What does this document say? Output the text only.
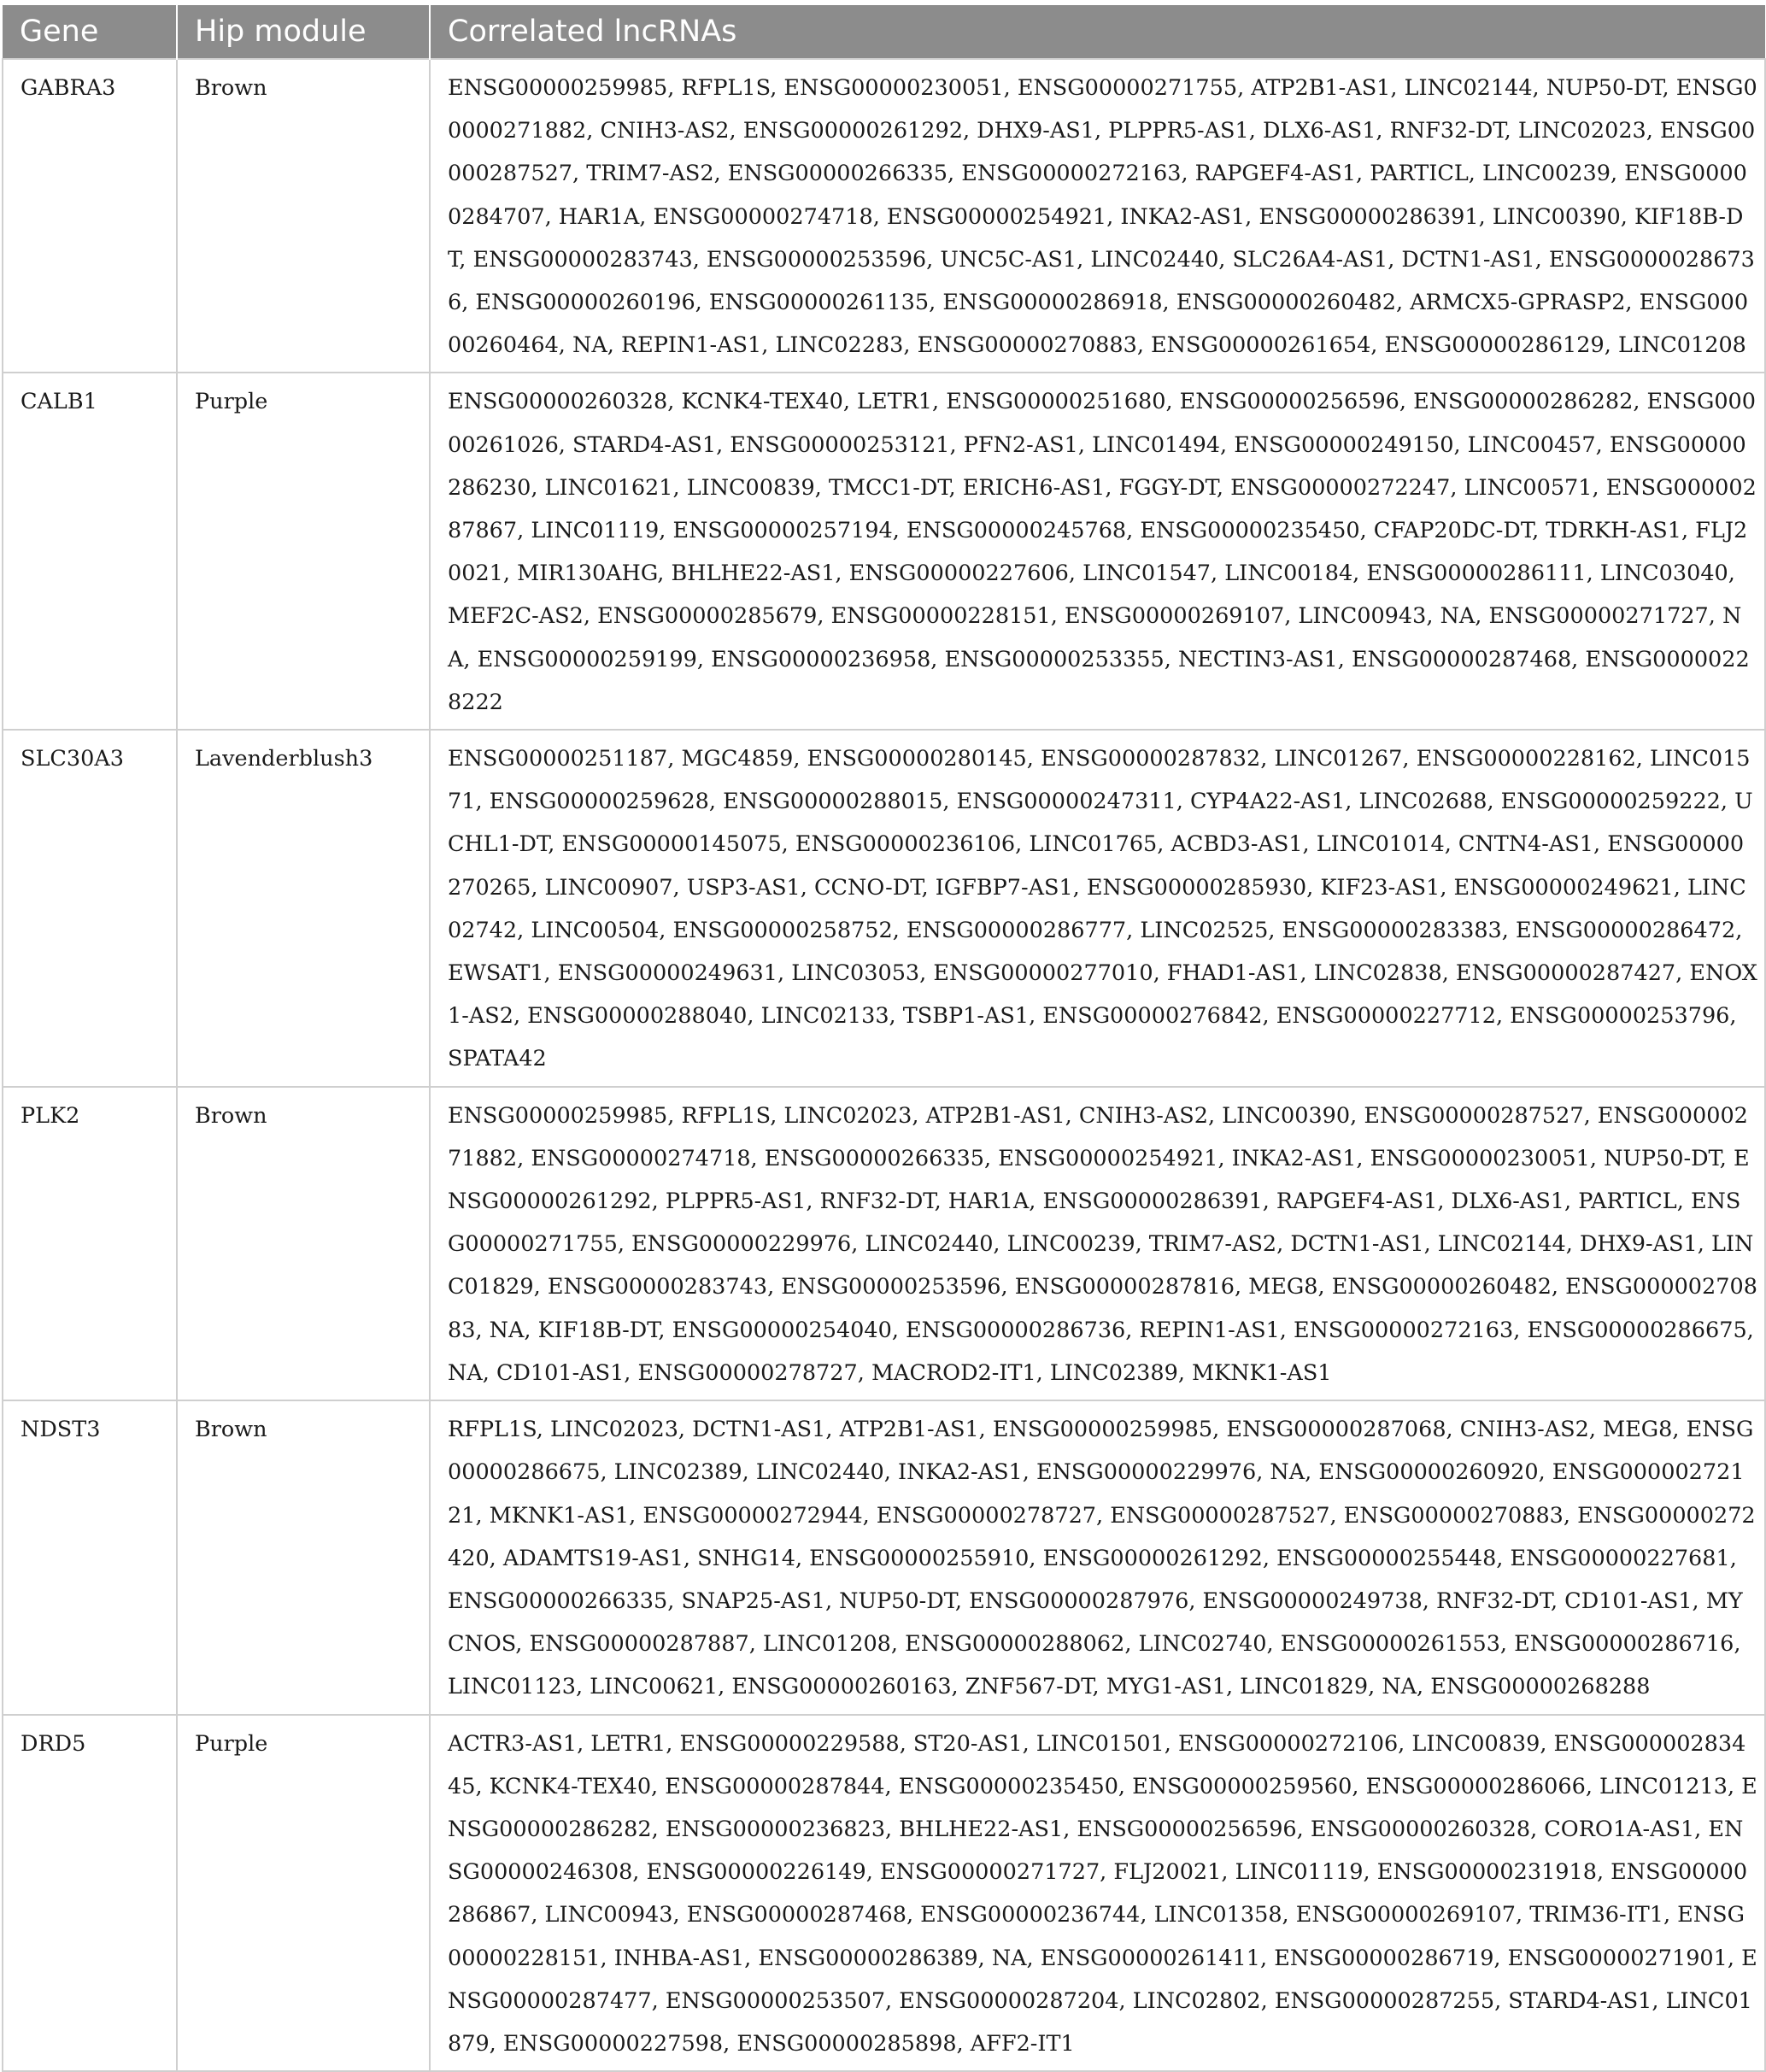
Gene	Hip module	Correlated lncRNAs
GABRA3	Brown	ENSG00000259985, RFPL1S, ENSG00000230051, ENSG00000271755, ATP2B1-AS1, LINC02144, NUP50-DT, ENSG00000271882, CNIH3-AS2, ENSG00000261292, DHX9-AS1, PLPPR5-AS1, DLX6-AS1, RNF32-DT, LINC02023, ENSG00000287527, TRIM7-AS2, ENSG00000266335, ENSG00000272163, RAPGEF4-AS1, PARTICL, LINC00239, ENSG00000284707, HAR1A, ENSG00000274718, ENSG00000254921, INKA2-AS1, ENSG00000286391, LINC00390, KIF18B-DT, ENSG00000283743, ENSG00000253596, UNC5C-AS1, LINC02440, SLC26A4-AS1, DCTN1-AS1, ENSG00000286736, ENSG00000260196, ENSG00000261135, ENSG00000286918, ENSG00000260482, ARMCX5-GPRASP2, ENSG00000260464, NA, REPIN1-AS1, LINC02283, ENSG00000270883, ENSG00000261654, ENSG00000286129, LINC01208
CALB1	Purple	ENSG00000260328, KCNK4-TEX40, LETR1, ENSG00000251680, ENSG00000256596, ENSG00000286282, ENSG00000261026, STARD4-AS1, ENSG00000253121, PFN2-AS1, LINC01494, ENSG00000249150, LINC00457, ENSG00000286230, LINC01621, LINC00839, TMCC1-DT, ERICH6-AS1, FGGY-DT, ENSG00000272247, LINC00571, ENSG00000287867, LINC01119, ENSG00000257194, ENSG00000245768, ENSG00000235450, CFAP20DC-DT, TDRKH-AS1, FLJ20021, MIR130AHG, BHLHE22-AS1, ENSG00000227606, LINC01547, LINC00184, ENSG00000286111, LINC03040, MEF2C-AS2, ENSG00000285679, ENSG00000228151, ENSG00000269107, LINC00943, NA, ENSG00000271727, NA, ENSG00000259199, ENSG00000236958, ENSG00000253355, NECTIN3-AS1, ENSG00000287468, ENSG00000228222
SLC30A3	Lavenderblush3	ENSG00000251187, MGC4859, ENSG00000280145, ENSG00000287832, LINC01267, ENSG00000228162, LINC01571, ENSG00000259628, ENSG00000288015, ENSG00000247311, CYP4A22-AS1, LINC02688, ENSG00000259222, UCHL1-DT, ENSG00000145075, ENSG00000236106, LINC01765, ACBD3-AS1, LINC01014, CNTN4-AS1, ENSG00000270265, LINC00907, USP3-AS1, CCNO-DT, IGFBP7-AS1, ENSG00000285930, KIF23-AS1, ENSG00000249621, LINC02742, LINC00504, ENSG00000258752, ENSG00000286777, LINC02525, ENSG00000283383, ENSG00000286472, EWSAT1, ENSG00000249631, LINC03053, ENSG00000277010, FHAD1-AS1, LINC02838, ENSG00000287427, ENOX1-AS2, ENSG00000288040, LINC02133, TSBP1-AS1, ENSG00000276842, ENSG00000227712, ENSG00000253796, SPATA42
PLK2	Brown	ENSG00000259985, RFPL1S, LINC02023, ATP2B1-AS1, CNIH3-AS2, LINC00390, ENSG00000287527, ENSG00000271882, ENSG00000274718, ENSG00000266335, ENSG00000254921, INKA2-AS1, ENSG00000230051, NUP50-DT, ENSG00000261292, PLPPR5-AS1, RNF32-DT, HAR1A, ENSG00000286391, RAPGEF4-AS1, DLX6-AS1, PARTICL, ENSG00000271755, ENSG00000229976, LINC02440, LINC00239, TRIM7-AS2, DCTN1-AS1, LINC02144, DHX9-AS1, LINC01829, ENSG00000283743, ENSG00000253596, ENSG00000287816, MEG8, ENSG00000260482, ENSG00000270883, NA, KIF18B-DT, ENSG00000254040, ENSG00000286736, REPIN1-AS1, ENSG00000272163, ENSG00000286675, NA, CD101-AS1, ENSG00000278727, MACROD2-IT1, LINC02389, MKNK1-AS1
NDST3	Brown	RFPL1S, LINC02023, DCTN1-AS1, ATP2B1-AS1, ENSG00000259985, ENSG00000287068, CNIH3-AS2, MEG8, ENSG00000286675, LINC02389, LINC02440, INKA2-AS1, ENSG00000229976, NA, ENSG00000260920, ENSG00000272121, MKNK1-AS1, ENSG00000272944, ENSG00000278727, ENSG00000287527, ENSG00000270883, ENSG00000272420, ADAMTS19-AS1, SNHG14, ENSG00000255910, ENSG00000261292, ENSG00000255448, ENSG00000227681, ENSG00000266335, SNAP25-AS1, NUP50-DT, ENSG00000287976, ENSG00000249738, RNF32-DT, CD101-AS1, MYCNOS, ENSG00000287887, LINC01208, ENSG00000288062, LINC02740, ENSG00000261553, ENSG00000286716, LINC01123, LINC00621, ENSG00000260163, ZNF567-DT, MYG1-AS1, LINC01829, NA, ENSG00000268288
DRD5	Purple	ACTR3-AS1, LETR1, ENSG00000229588, ST20-AS1, LINC01501, ENSG00000272106, LINC00839, ENSG00000283445, KCNK4-TEX40, ENSG00000287844, ENSG00000235450, ENSG00000259560, ENSG00000286066, LINC01213, ENSG00000286282, ENSG00000236823, BHLHE22-AS1, ENSG00000256596, ENSG00000260328, CORO1A-AS1, ENSG00000246308, ENSG00000226149, ENSG00000271727, FLJ20021, LINC01119, ENSG00000231918, ENSG00000286867, LINC00943, ENSG00000287468, ENSG00000236744, LINC01358, ENSG00000269107, TRIM36-IT1, ENSG00000228151, INHBA-AS1, ENSG00000286389, NA, ENSG00000261411, ENSG00000286719, ENSG00000271901, ENSG00000287477, ENSG00000253507, ENSG00000287204, LINC02802, ENSG00000287255, STARD4-AS1, LINC01879, ENSG00000227598, ENSG00000285898, AFF2-IT1
